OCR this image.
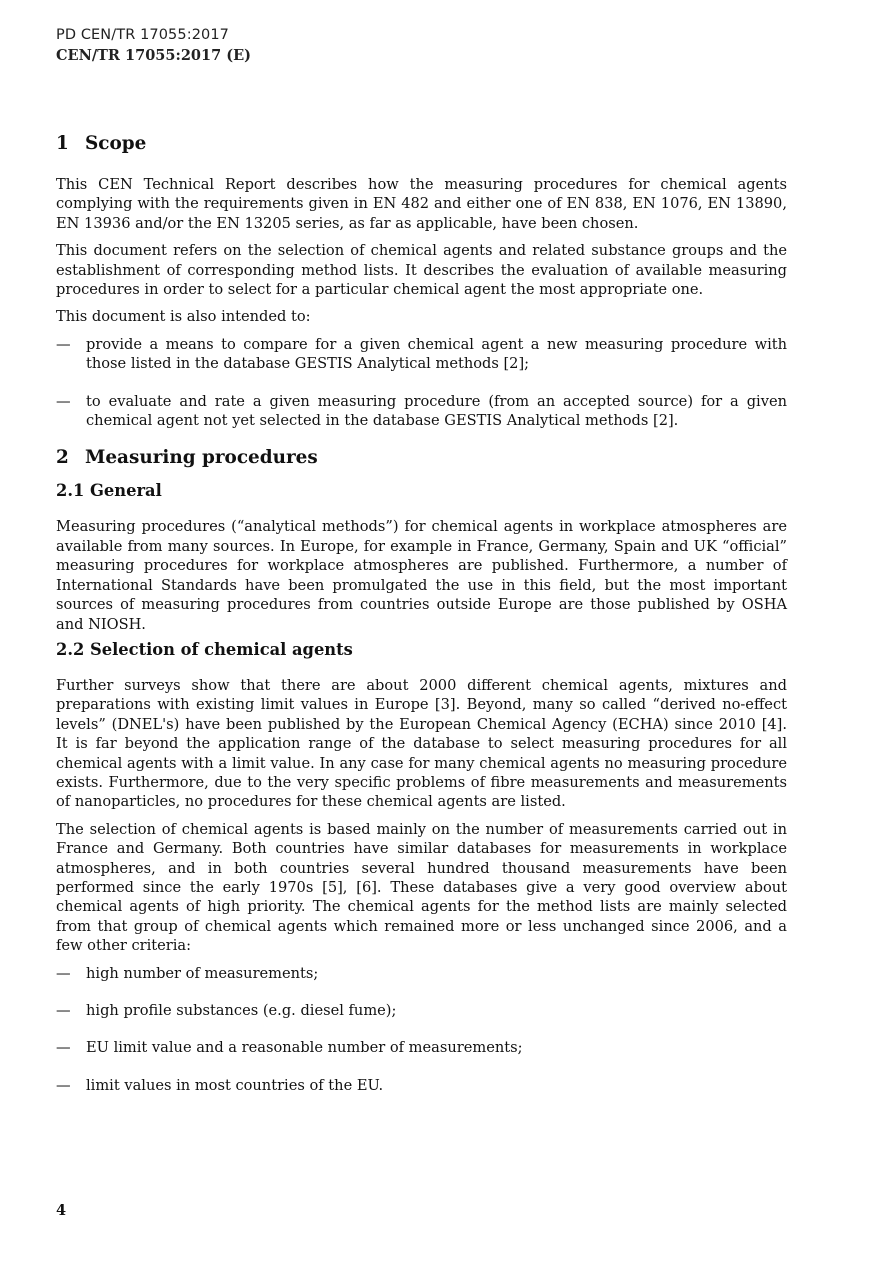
PD CEN/TR 17055:2017
CEN/TR 17055:2017 (E)
1 Scope

This CEN Technical Report describes how the measuring procedures for chemical agents complying with the requirements given in EN 482 and either one of EN 838, EN 1076, EN 13890, EN 13936 and/or the EN 13205 series, as far as applicable, have been chosen.

This document refers on the selection of chemical agents and related substance groups and the establishment of corresponding method lists. It describes the evaluation of available measuring procedures in order to select for a particular chemical agent the most appropriate one.

This document is also intended to:

—	provide a means to compare for a given chemical agent a new measuring procedure with those listed in the database GESTIS Analytical methods [2];
—	to evaluate and rate a given measuring procedure (from an accepted source) for a given chemical agent not yet selected in the database GESTIS Analytical methods [2].
2 Measuring procedures
2.1 General

Measuring procedures (“analytical methods”) for chemical agents in workplace atmospheres are available from many sources. In Europe, for example in France, Germany, Spain and UK “official” measuring procedures for workplace atmospheres are published. Furthermore, a number of International Standards have been promulgated the use in this field, but the most important sources of measuring procedures from countries outside Europe are those published by OSHA and NIOSH.

2.2 Selection of chemical agents

Further surveys show that there are about 2000 different chemical agents, mixtures and preparations with existing limit values in Europe [3]. Beyond, many so called “derived no-effect levels” (DNEL's) have been published by the European Chemical Agency (ECHA) since 2010 [4]. It is far beyond the application range of the database to select measuring procedures for all chemical agents with a limit value. In any case for many chemical agents no measuring procedure exists. Furthermore, due to the very specific problems of fibre measurements and measurements of nanoparticles, no procedures for these chemical agents are listed.

The selection of chemical agents is based mainly on the number of measurements carried out in France and Germany. Both countries have similar databases for measurements in workplace atmospheres, and in both countries several hundred thousand measurements have been performed since the early 1970s [5], [6]. These databases give a very good overview about chemical agents of high priority. The chemical agents for the method lists are mainly selected from that group of chemical agents which remained more or less unchanged since 2006, and a few other criteria:

—	high number of measurements;
—	high profile substances (e.g. diesel fume);
—	EU limit value and a reasonable number of measurements;
—	limit values in most countries of the EU.
4
